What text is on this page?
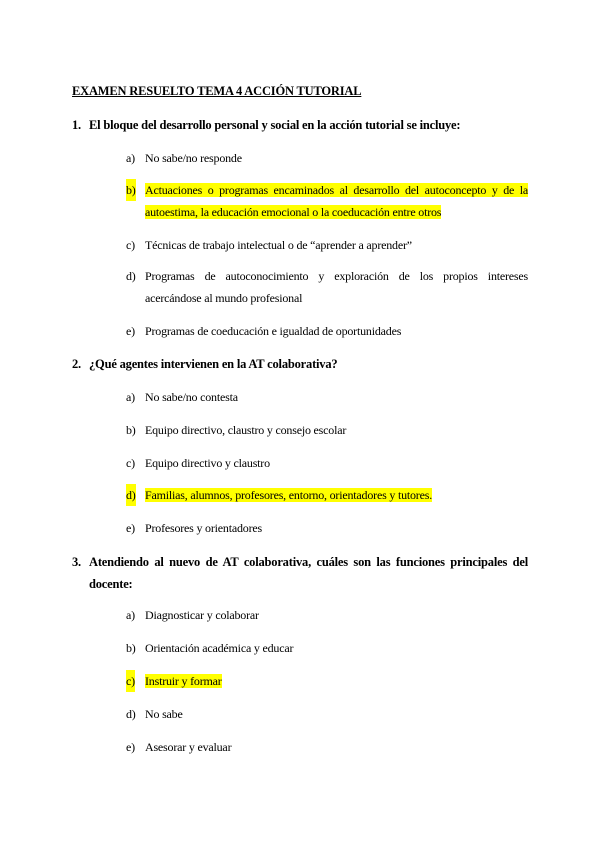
EXAMEN RESUELTO TEMA 4 ACCIÓN TUTORIAL
1. El bloque del desarrollo personal y social en la acción tutorial se incluye:
a) No sabe/no responde
b) Actuaciones o programas encaminados al desarrollo del autoconcepto y de la autoestima, la educación emocional o la coeducación entre otros
c) Técnicas de trabajo intelectual o de “aprender a aprender”
d) Programas de autoconocimiento y exploración de los propios intereses acercándose al mundo profesional
e) Programas de coeducación e igualdad de oportunidades
2. ¿Qué agentes intervienen en la AT colaborativa?
a) No sabe/no contesta
b) Equipo directivo, claustro y consejo escolar
c) Equipo directivo y claustro
d) Familias, alumnos, profesores, entorno, orientadores y tutores.
e) Profesores y orientadores
3. Atendiendo al nuevo de AT colaborativa, cuáles son las funciones principales del docente:
a) Diagnosticar y colaborar
b) Orientación académica y educar
c) Instruir y formar
d) No sabe
e) Asesorar y evaluar
